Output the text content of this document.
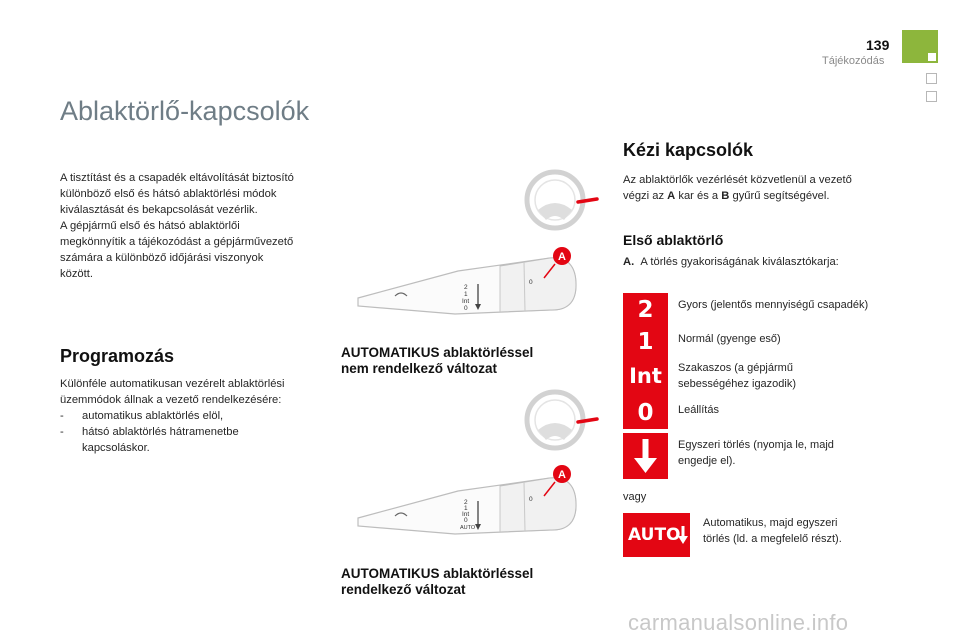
139
Tájékozódás
Ablaktörlő-kapcsolók
A tisztítást és a csapadék eltávolítását biztosító
különböző első és hátsó ablaktörlési módok
kiválasztását és bekapcsolását vezérlik.
A gépjármű első és hátsó ablaktörlői
megkönnyítik a tájékozódást a gépjárművezető
számára a különböző időjárási viszonyok
között.
Programozás
Különféle automatikusan vezérelt ablaktörlési
üzemmódok állnak a vezető rendelkezésére:
- automatikus ablaktörlés elöl,
- hátsó ablaktörlés hátramenetbe
kapcsoláskor.
A
0
2
1
Int
0
AUTOMATIKUS ablaktörléssel
nem rendelkező változat
A
0
2
1
Int
0
AUTO
AUTOMATIKUS ablaktörléssel
rendelkező változat
Kézi kapcsolók
Az ablaktörlők vezérlését közvetlenül a vezető
végzi az A kar és a B gyűrű segítségével.
Első ablaktörlő
A. A törlés gyakoriságának kiválasztókarja:
2
1
Int
0
Gyors (jelentős mennyiségű csapadék)
Normál (gyenge eső)
Szakaszos (a gépjármű
sebességéhez igazodik)
Leállítás
Egyszeri törlés (nyomja le, majd
engedje el).
vagy
AUTO
Automatikus, majd egyszeri
törlés (ld. a megfelelő részt).
carmanualsonline.info
